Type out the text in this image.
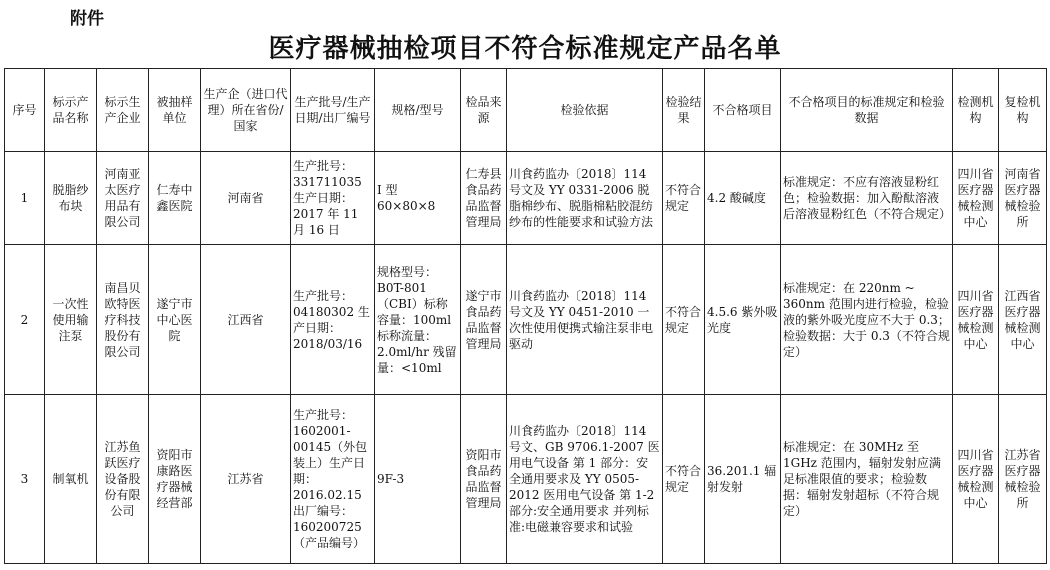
附件
医疗器械抽检项目不符合标准规定产品名单
序号	标示产品名称	标示生产企业	被抽样单位	生产企（进口代理）所在省份/国家	生产批号/生产日期/出厂编号	规格/型号	检品来源	检验依据	检验结果	不合格项目	不合格项目的标准规定和检验数据	检测机构	复检机构
1	脱脂纱布块	河南亚太医疗用品有限公司	仁寿中鑫医院	河南省	生产批号：331711035 生产日期：2017 年 11 月 16 日	I 型 60×80×8	仁寿县食品药品监督管理局	川食药监办〔2018〕114 号文及 YY 0331-2006 脱脂棉纱布、脱脂棉粘胶混纺纱布的性能要求和试验方法	不符合规定	4.2 酸碱度	标准规定：不应有溶液显粉红色；检验数据：加入酚酞溶液后溶液显粉红色（不符合规定）	四川省医疗器械检测中心	河南省医疗器械检验所
2	一次性使用输注泵	南昌贝欧特医疗科技股份有限公司	遂宁市中心医院	江西省	生产批号：04180302 生产日期：2018/03/16	规格型号：B0T-801（CBI）标称容量：100ml 标称流量：2.0ml/hr 残留量：<10ml	遂宁市食品药品监督管理局	川食药监办〔2018〕114 号文及 YY 0451-2010 一次性使用便携式输注泵非电驱动	不符合规定	4.5.6 紫外吸光度	标准规定：在 220nm ~ 360nm 范围内进行检验，检验液的紫外吸光度应不大于 0.3；检验数据：大于 0.3（不符合规定）	四川省医疗器械检测中心	江西省医疗器械检测中心
3	制氧机	江苏鱼跃医疗设备股份有限公司	资阳市康路医疗器械经营部	江苏省	生产批号：1602001-00145（外包装上）生产日期：2016.02.15 出厂编号：160200725（产品编号）	9F-3	资阳市食品药品监督管理局	川食药监办〔2018〕114 号文、GB 9706.1-2007 医用电气设备 第 1 部分：安全通用要求及 YY 0505-2012 医用电气设备 第 1-2 部分:安全通用要求 并列标准:电磁兼容要求和试验	不符合规定	36.201.1 辐射发射	标准规定：在 30MHz 至 1GHz 范围内，辐射发射应满足标准限值的要求；检验数据：辐射发射超标（不符合规定）	四川省医疗器械检测中心	江苏省医疗器械检验所
